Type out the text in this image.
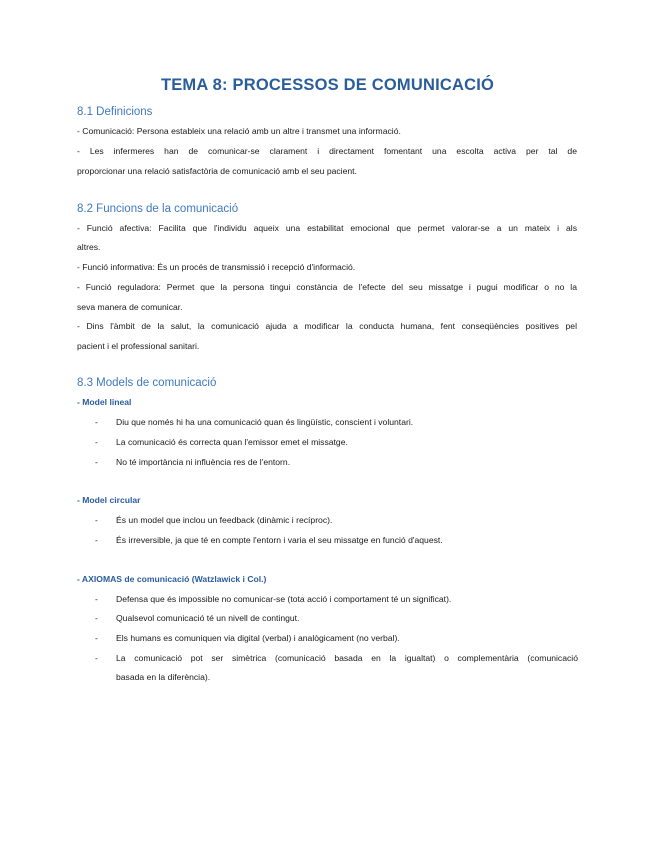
TEMA 8: PROCESSOS DE COMUNICACIÓ
8.1 Definicions
- Comunicació: Persona estableix una relació amb un altre i transmet una informació.
- Les infermeres han de comunicar-se clarament i directament fomentant una escolta activa per tal de
proporcionar una relació satisfactòria de comunicació amb el seu pacient.
8.2 Funcions de la comunicació
- Funció afectiva: Facilita que l'individu aqueix una estabilitat emocional que permet valorar-se a un mateix i als
altres.
- Funció informativa: És un procés de transmissió i recepció d'informació.
- Funció reguladora: Permet que la persona tingui constància de l'efecte del seu missatge i pugui modificar o no la
seva manera de comunicar.
- Dins l'àmbit de la salut, la comunicació ajuda a modificar la conducta humana, fent conseqüències positives pel
pacient i el professional sanitari.
8.3 Models de comunicació
- Model lineal
- Diu que només hi ha una comunicació quan és lingüístic, conscient i voluntari.
- La comunicació és correcta quan l'emissor emet el missatge.
- No té importància ni influència res de l'entorn.
- Model circular
- És un model que inclou un feedback (dinàmic i recíproc).
- És irreversible, ja que té en compte l'entorn i varia el seu missatge en funció d'aquest.
- AXIOMAS de comunicació (Watzlawick i Col.)
- Defensa que és impossible no comunicar-se (tota acció i comportament té un significat).
- Qualsevol comunicació té un nivell de contingut.
- Els humans es comuniquen via digital (verbal) i analògicament (no verbal).
- La comunicació pot ser simètrica (comunicació basada en la igualtat) o complementària (comunicació
basada en la diferència).
